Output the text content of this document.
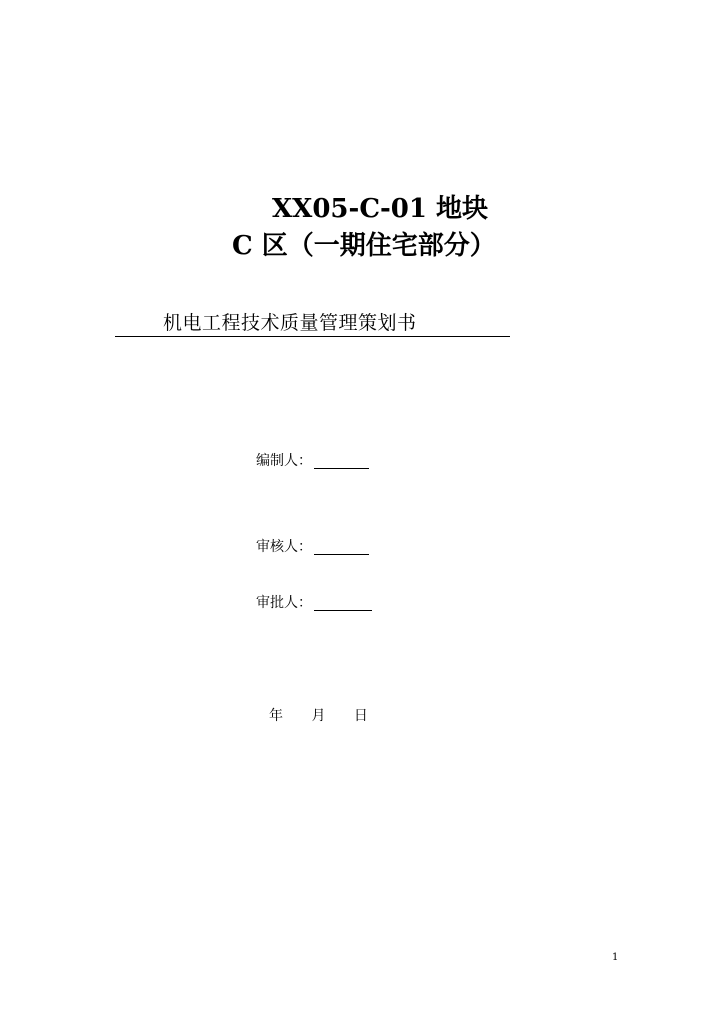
XX05-C-01 地块
C 区（一期住宅部分）
机电工程技术质量管理策划书
编制人：
审核人：
审批人：
年 月 日
1
